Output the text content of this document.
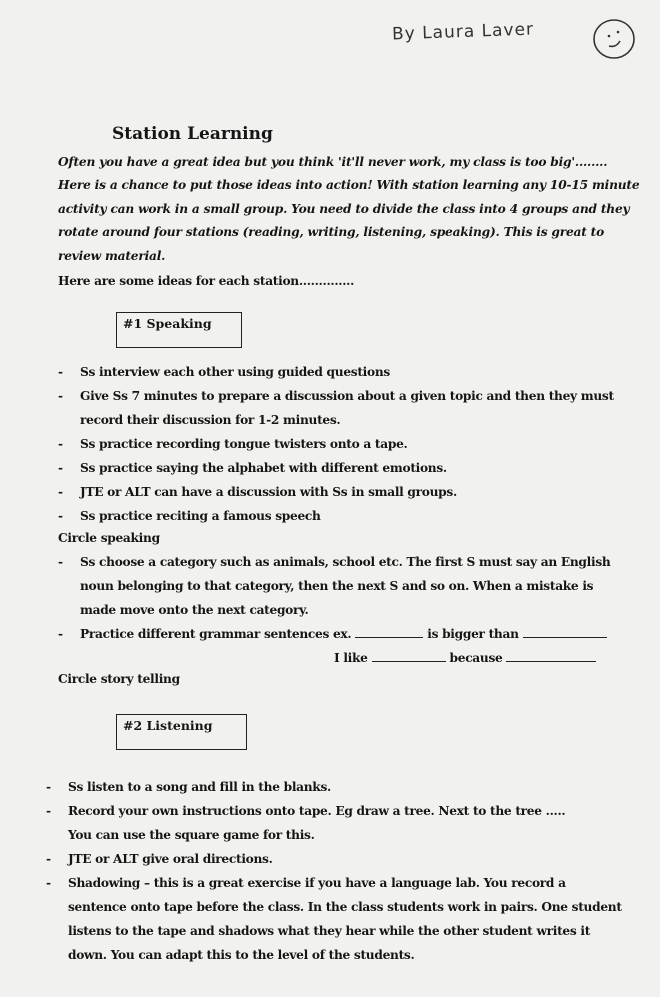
By Laura Laver
Station Learning
Often you have a great idea but you think 'it'll never work, my class is too big'........
Here is a chance to put those ideas into action! With station learning any 10-15 minute
activity can work in a small group. You need to divide the class into 4 groups and they
rotate around four stations (reading, writing, listening, speaking). This is great to
review material.
Here are some ideas for each station..............
#1 Speaking
- Ss interview each other using guided questions
- Give Ss 7 minutes to prepare a discussion about a given topic and then they must record their discussion for 1-2 minutes.
- Ss practice recording tongue twisters onto a tape.
- Ss practice saying the alphabet with different emotions.
- JTE or ALT can have a discussion with Ss in small groups.
- Ss practice reciting a famous speech
Circle speaking
- Ss choose a category such as animals, school etc. The first S must say an English noun belonging to that category, then the next S and so on. When a mistake is made move onto the next category.
- Practice different grammar sentences ex.	is bigger than
I like	because
Circle story telling
#2 Listening
- Ss listen to a song and fill in the blanks.
- Record your own instructions onto tape. Eg draw a tree. Next to the tree .....
You can use the square game for this.
- JTE or ALT give oral directions.
- Shadowing – this is a great exercise if you have a language lab. You record a sentence onto tape before the class. In the class students work in pairs. One student listens to the tape and shadows what they hear while the other student writes it down. You can adapt this to the level of the students.
